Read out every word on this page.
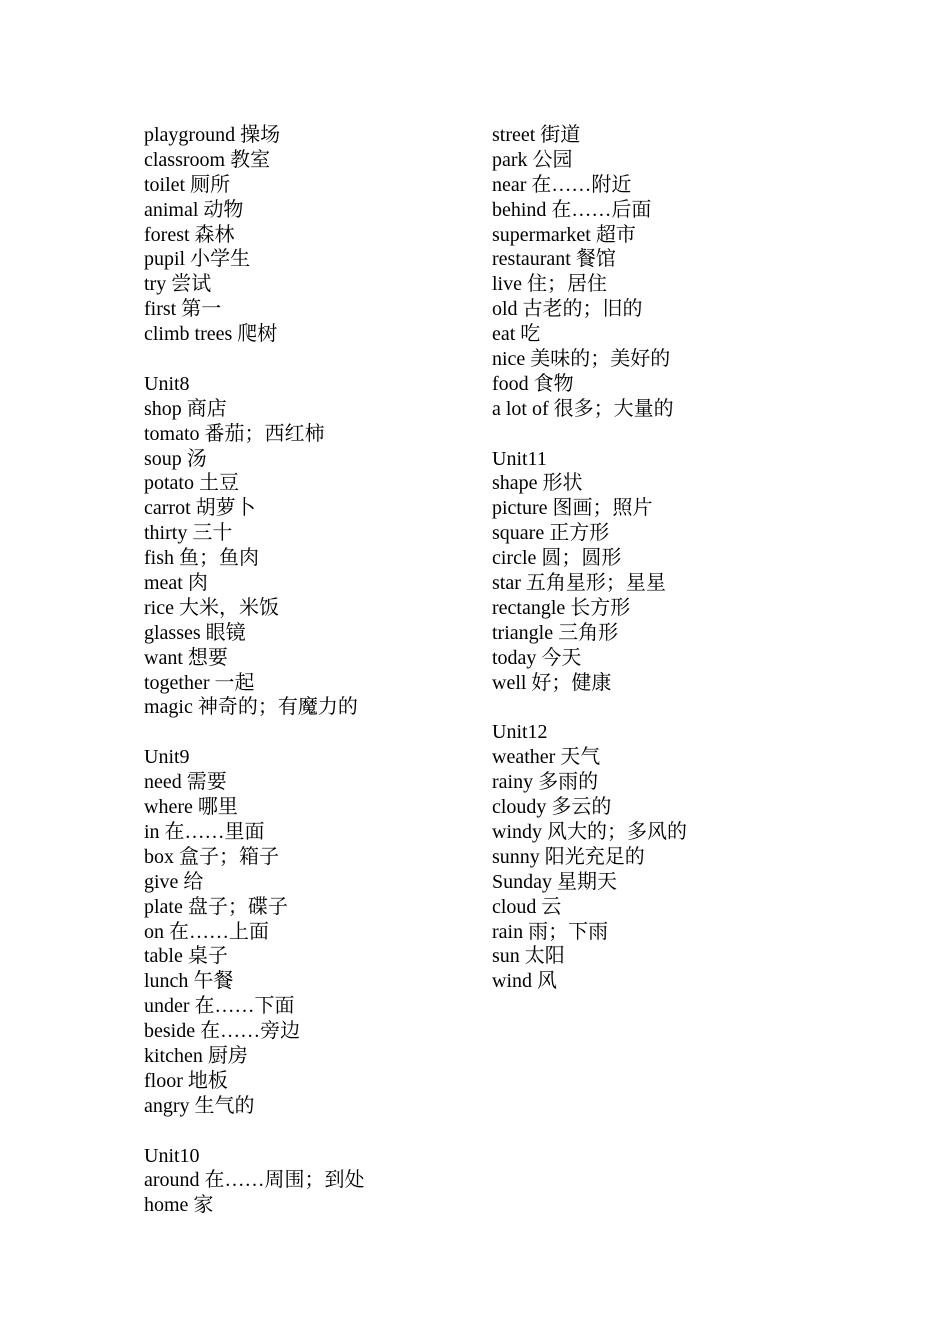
playground 操场
classroom 教室
toilet 厕所
animal 动物
forest 森林
pupil 小学生
try 尝试
first 第一
climb trees 爬树
Unit8
shop 商店
tomato 番茄；西红柿
soup 汤
potato 土豆
carrot 胡萝卜
thirty 三十
fish 鱼；鱼肉
meat 肉
rice 大米，米饭
glasses 眼镜
want 想要
together 一起
magic 神奇的；有魔力的
Unit9
need 需要
where 哪里
in 在……里面
box 盒子；箱子
give 给
plate 盘子；碟子
on 在……上面
table 桌子
lunch 午餐
under 在……下面
beside 在……旁边
kitchen 厨房
floor 地板
angry 生气的
Unit10
around 在……周围；到处
home 家
street 街道
park 公园
near 在……附近
behind 在……后面
supermarket 超市
restaurant 餐馆
live 住；居住
old 古老的；旧的
eat 吃
nice 美味的；美好的
food 食物
a lot of 很多；大量的
Unit11
shape 形状
picture 图画；照片
square 正方形
circle 圆；圆形
star 五角星形；星星
rectangle 长方形
triangle 三角形
today 今天
well 好；健康
Unit12
weather 天气
rainy 多雨的
cloudy 多云的
windy 风大的；多风的
sunny 阳光充足的
Sunday 星期天
cloud 云
rain 雨；下雨
sun 太阳
wind 风
